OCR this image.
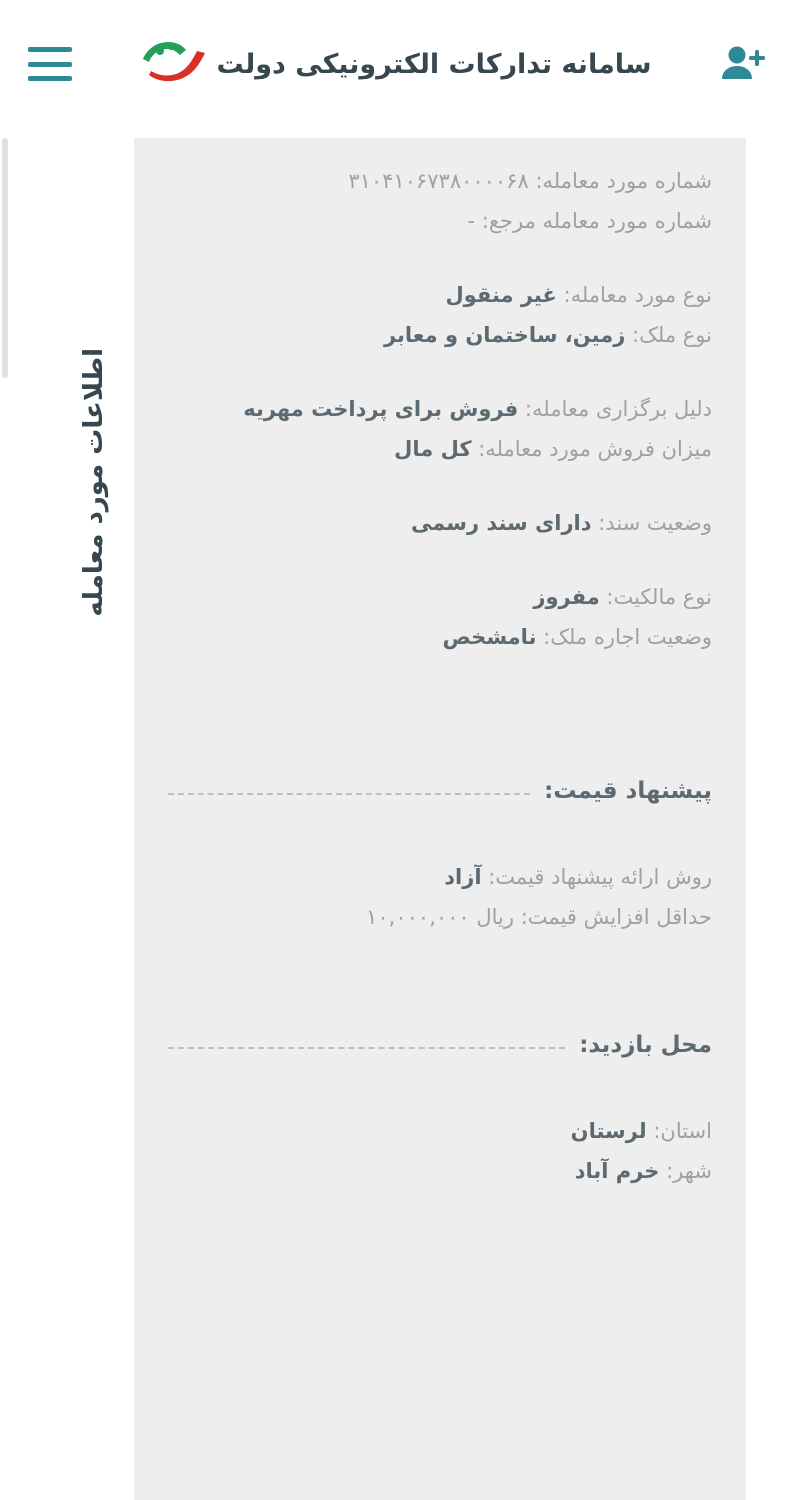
سامانه تدارکات الکترونیکی دولت
شماره مورد معامله: ۳۱۰۴۱۰۶۷۳۸۰۰۰۰۶۸
شماره مورد معامله مرجع: -
نوع مورد معامله: غیر منقول
نوع ملک: زمین، ساختمان و معابر
دلیل برگزاری معامله: فروش برای پرداخت مهریه
میزان فروش مورد معامله: کل مال
وضعیت سند: دارای سند رسمی
نوع مالکیت: مفروز
وضعیت اجاره ملک: نامشخص
پیشنهاد قیمت:
روش ارائه پیشنهاد قیمت: آزاد
حداقل افزایش قیمت: ۱۰,۰۰۰,۰۰۰ ریال
محل بازدید:
استان: لرستان
شهر: خرم آباد
اطلاعات مورد معامله
